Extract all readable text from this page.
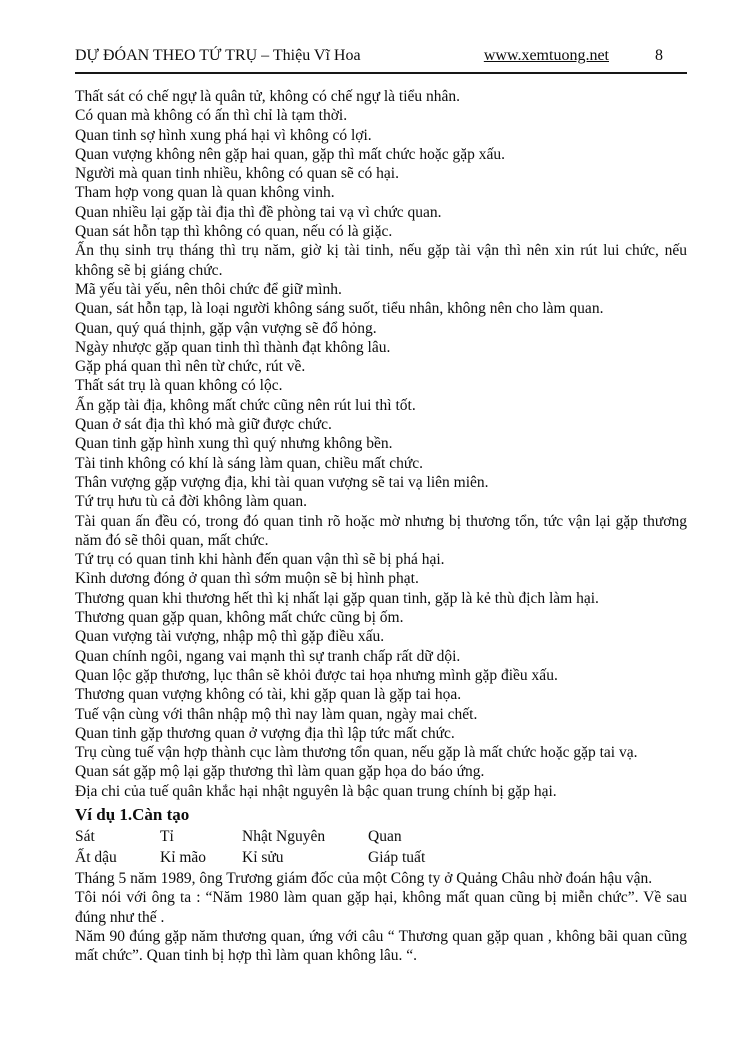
DỰ ĐÓAN THEO TỨ TRỤ – Thiệu Vĩ Hoa	www.xemtuong.net	8

Thất sát có chế ngự là quân tử, không có chế ngự là tiểu nhân.

Có quan mà không có ấn thì chỉ là tạm thời.

Quan tinh sợ hình xung phá hại vì không có lợi.

Quan vượng không nên gặp hai quan, gặp thì mất chức hoặc gặp xấu.

Người mà quan tinh nhiều, không có quan sẽ có hại.

Tham hợp vong quan là quan không vinh.

Quan nhiều lại gặp tài địa thì đề phòng tai vạ vì chức quan.

Quan sát hỗn tạp thì không có quan, nếu có là giặc.

Ấn thụ sinh trụ tháng thì trụ năm, giờ kị tài tinh, nếu gặp tài vận thì nên xin rút lui chức, nếu không sẽ bị giáng chức.

Mã yếu tài yếu, nên thôi chức để giữ mình.

Quan, sát hỗn tạp, là loại người không sáng suốt, tiểu nhân, không nên cho làm quan.

Quan, quý quá thịnh, gặp vận vượng sẽ đổ hỏng.

Ngày nhược gặp quan tinh thì thành đạt không lâu.

Gặp phá quan thì nên từ chức, rút về.

Thất sát trụ là quan không có lộc.

Ấn gặp tài địa, không mất chức cũng nên rút lui thì tốt.

Quan ở sát địa thì khó mà giữ được chức.

Quan tinh gặp hình xung thì quý nhưng không bền.

Tài tinh không có khí là sáng làm quan, chiều mất chức.

Thân vượng gặp vượng địa, khi tài quan vượng sẽ tai vạ liên miên.

Tứ trụ hưu tù cả đời không làm quan.

Tài quan ấn đều có, trong đó quan tinh rõ hoặc mờ nhưng bị thương tổn, tức vận lại gặp thương năm đó sẽ thôi quan, mất chức.

Tứ trụ có quan tinh khi hành đến quan vận thì sẽ bị phá hại.

Kình dương đóng ở quan thì sớm muộn sẽ bị hình phạt.

Thương quan khi thương hết thì kị nhất lại gặp quan tinh, gặp là kẻ thù địch làm hại.

Thương quan gặp quan, không mất chức cũng bị ốm.

Quan vượng tài vượng, nhập mộ thì gặp điều xấu.

Quan chính ngôi, ngang vai mạnh thì sự tranh chấp rất dữ dội.

Quan lộc gặp thương, lục thân sẽ khỏi được tai họa nhưng mình gặp điều xấu.

Thương quan vượng không có tài, khi gặp quan là gặp tai họa.

Tuế vận cùng với thân nhập mộ thì nay làm quan, ngày mai chết.

Quan tinh gặp thương quan ở vượng địa thì lập tức mất chức.

Trụ cùng tuế vận hợp thành cục làm thương tổn quan, nếu gặp là mất chức hoặc gặp tai vạ.

Quan sát gặp mộ lại gặp thương thì làm quan gặp họa do báo ứng.

Địa chi của tuế quân khắc hại nhật nguyên là bậc quan trung chính bị gặp hại.

Ví dụ 1.Càn tạo
Sát	Tỉ	Nhật Nguyên	Quan
Ất dậu	Kỉ mão	Kỉ sửu	Giáp tuất

Tháng 5 năm 1989, ông Trương giám đốc của một Công ty ở Quảng Châu nhờ đoán hậu vận.

Tôi nói với ông ta : “Năm 1980 làm quan gặp hại, không mất quan cũng bị miễn chức”. Về sau đúng như thế .

Năm 90 đúng gặp năm thương quan, ứng với câu “ Thương quan gặp quan , không bãi quan cũng mất chức”. Quan tinh bị hợp thì làm quan không lâu. “.
